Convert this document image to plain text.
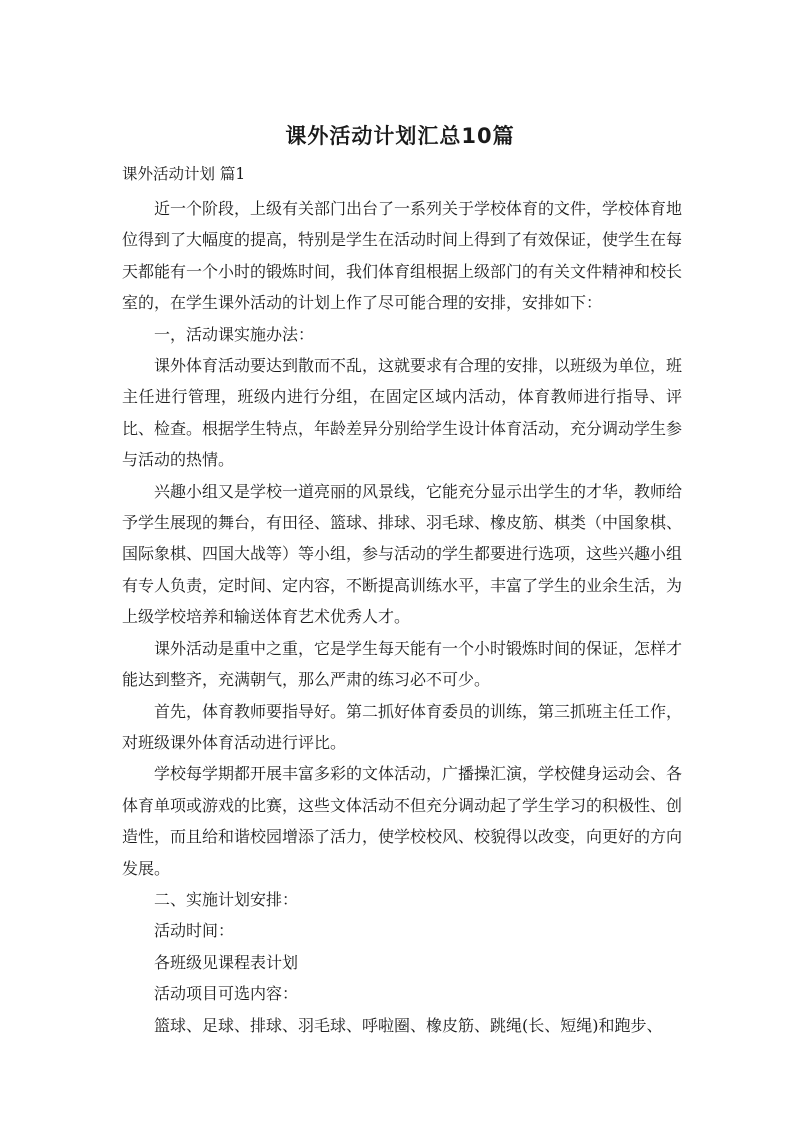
课外活动计划汇总10篇
课外活动计划 篇1

近一个阶段，上级有关部门出台了一系列关于学校体育的文件，学校体育地位得到了大幅度的提高，特别是学生在活动时间上得到了有效保证，使学生在每天都能有一个小时的锻炼时间，我们体育组根据上级部门的有关文件精神和校长室的，在学生课外活动的计划上作了尽可能合理的安排，安排如下：

一，活动课实施办法：

课外体育活动要达到散而不乱，这就要求有合理的安排，以班级为单位，班主任进行管理，班级内进行分组，在固定区域内活动，体育教师进行指导、评比、检查。根据学生特点，年龄差异分别给学生设计体育活动，充分调动学生参与活动的热情。

兴趣小组又是学校一道亮丽的风景线，它能充分显示出学生的才华，教师给予学生展现的舞台，有田径、篮球、排球、羽毛球、橡皮筋、棋类（中国象棋、国际象棋、四国大战等）等小组，参与活动的学生都要进行选项，这些兴趣小组有专人负责，定时间、定内容，不断提高训练水平，丰富了学生的业余生活，为上级学校培养和输送体育艺术优秀人才。

课外活动是重中之重，它是学生每天能有一个小时锻炼时间的保证，怎样才能达到整齐，充满朝气，那么严肃的练习必不可少。

首先，体育教师要指导好。第二抓好体育委员的训练，第三抓班主任工作，对班级课外体育活动进行评比。

学校每学期都开展丰富多彩的文体活动，广播操汇演，学校健身运动会、各体育单项或游戏的比赛，这些文体活动不但充分调动起了学生学习的积极性、创造性，而且给和谐校园增添了活力，使学校校风、校貌得以改变，向更好的方向发展。

二、实施计划安排：

活动时间：

各班级见课程表计划

活动项目可选内容：

篮球、足球、排球、羽毛球、呼啦圈、橡皮筋、跳绳(长、短绳)和跑步、
